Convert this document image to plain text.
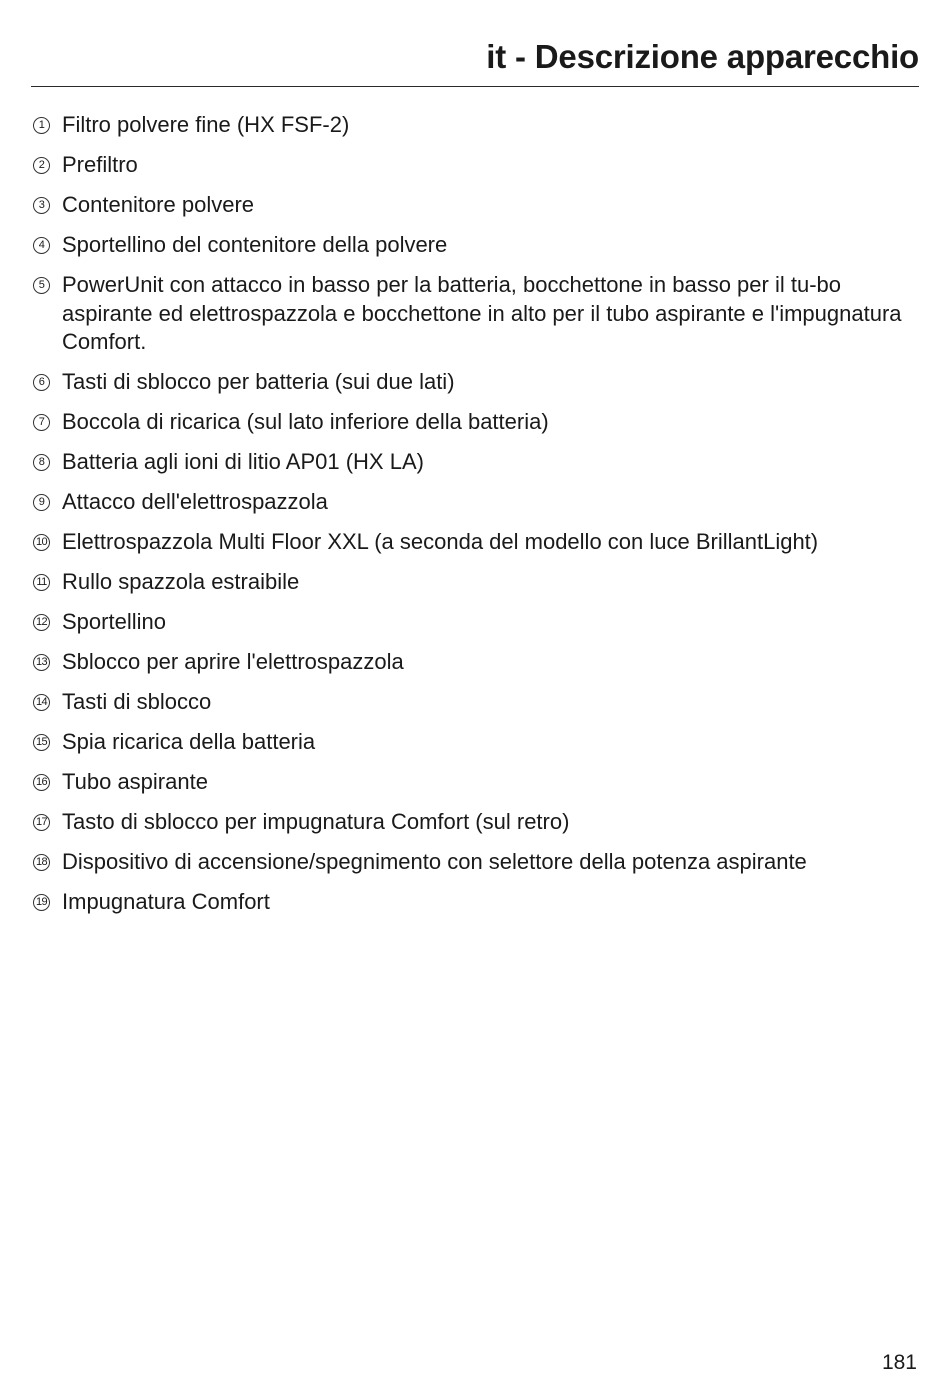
it - Descrizione apparecchio
1 Filtro polvere fine (HX FSF-2)
2 Prefiltro
3 Contenitore polvere
4 Sportellino del contenitore della polvere
5 PowerUnit con attacco in basso per la batteria, bocchettone in basso per il tu-bo aspirante ed elettrospazzola e bocchettone in alto per il tubo aspirante e l'impugnatura Comfort.
6 Tasti di sblocco per batteria (sui due lati)
7 Boccola di ricarica (sul lato inferiore della batteria)
8 Batteria agli ioni di litio AP01 (HX LA)
9 Attacco dell'elettrospazzola
10 Elettrospazzola Multi Floor XXL (a seconda del modello con luce BrillantLight)
11 Rullo spazzola estraibile
12 Sportellino
13 Sblocco per aprire l'elettrospazzola
14 Tasti di sblocco
15 Spia ricarica della batteria
16 Tubo aspirante
17 Tasto di sblocco per impugnatura Comfort (sul retro)
18 Dispositivo di accensione/spegnimento con selettore della potenza aspirante
19 Impugnatura Comfort
181
